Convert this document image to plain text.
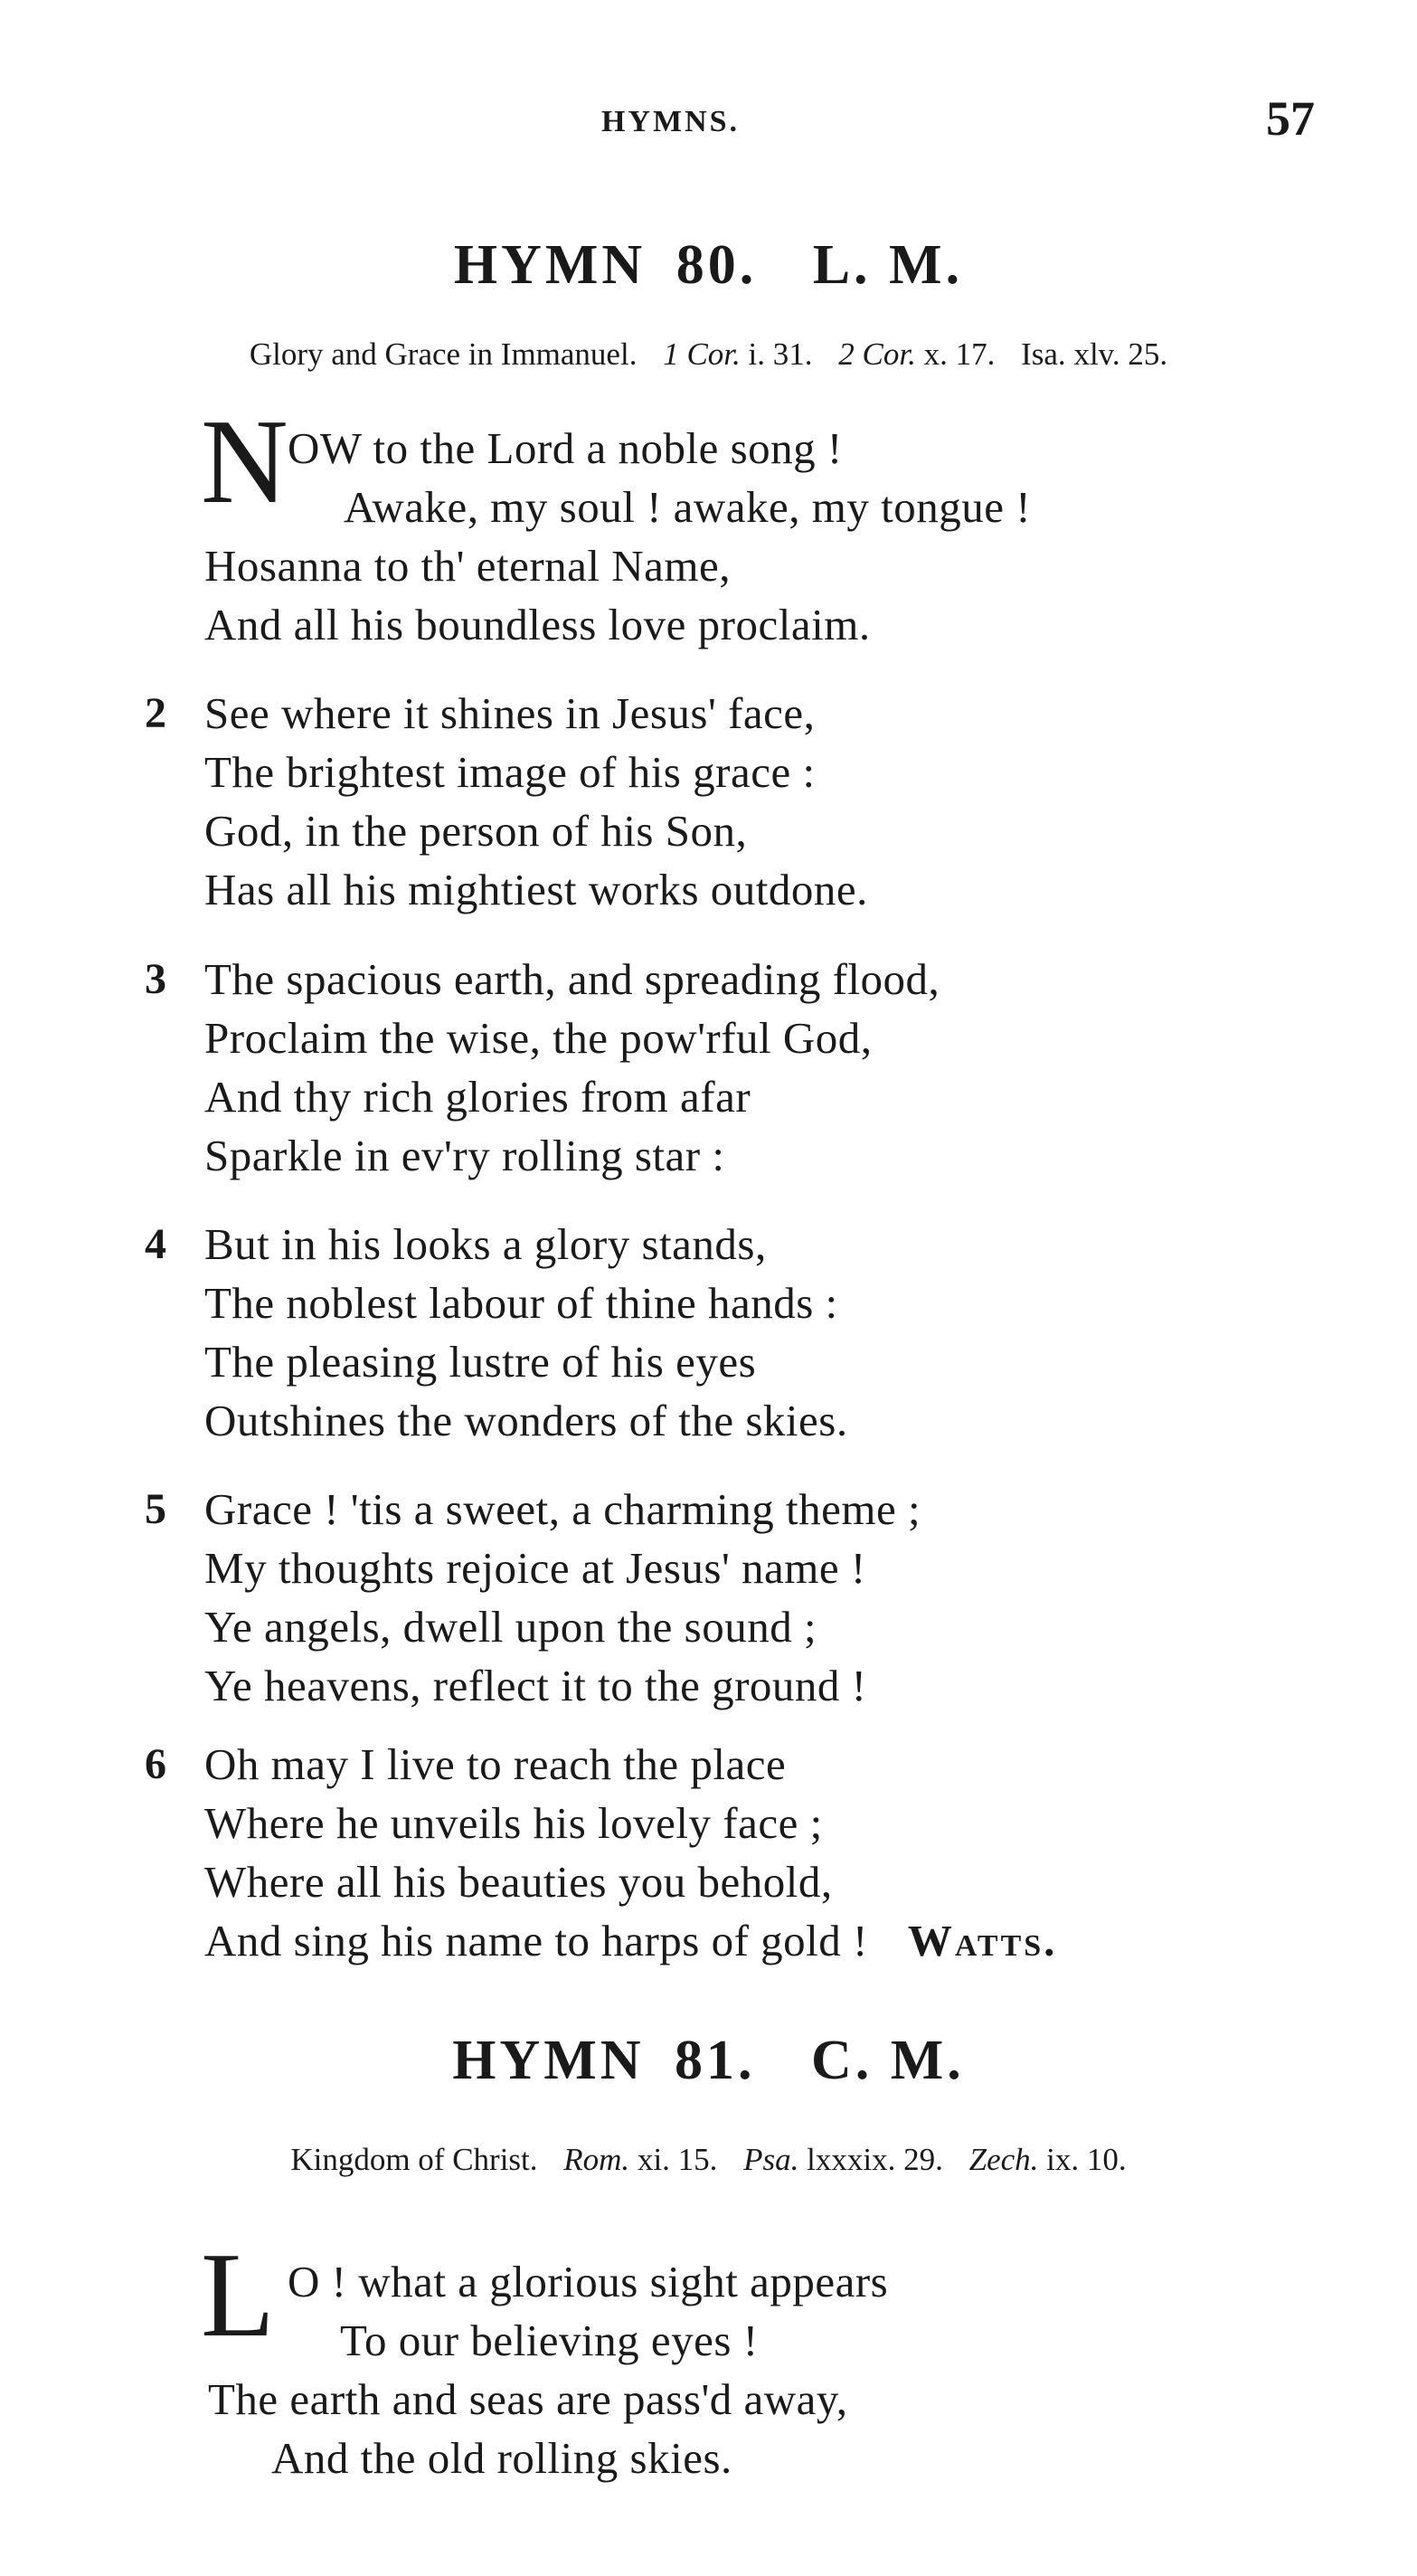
HYMNS.	57
HYMN 80. L. M.
Glory and Grace in Immanuel. 1 Cor. i. 31. 2 Cor. x. 17. Isa. xlv. 25.
N OW to the Lord a noble song !
Awake, my soul ! awake, my tongue !
Hosanna to th' eternal Name,
And all his boundless love proclaim.
2 See where it shines in Jesus' face,
The brightest image of his grace :
God, in the person of his Son,
Has all his mightiest works outdone.
3 The spacious earth, and spreading flood,
Proclaim the wise, the pow'rful God,
And thy rich glories from afar
Sparkle in ev'ry rolling star :
4 But in his looks a glory stands,
The noblest labour of thine hands :
The pleasing lustre of his eyes
Outshines the wonders of the skies.
5 Grace ! 'tis a sweet, a charming theme ;
My thoughts rejoice at Jesus' name !
Ye angels, dwell upon the sound ;
Ye heavens, reflect it to the ground !
6 Oh may I live to reach the place
Where he unveils his lovely face ;
Where all his beauties you behold,
And sing his name to harps of gold ! Watts.
HYMN 81. C. M.
Kingdom of Christ. Rom. xi. 15. Psa. lxxxix. 29. Zech. ix. 10.
L O ! what a glorious sight appears
To our believing eyes !
The earth and seas are pass'd away,
And the old rolling skies.
